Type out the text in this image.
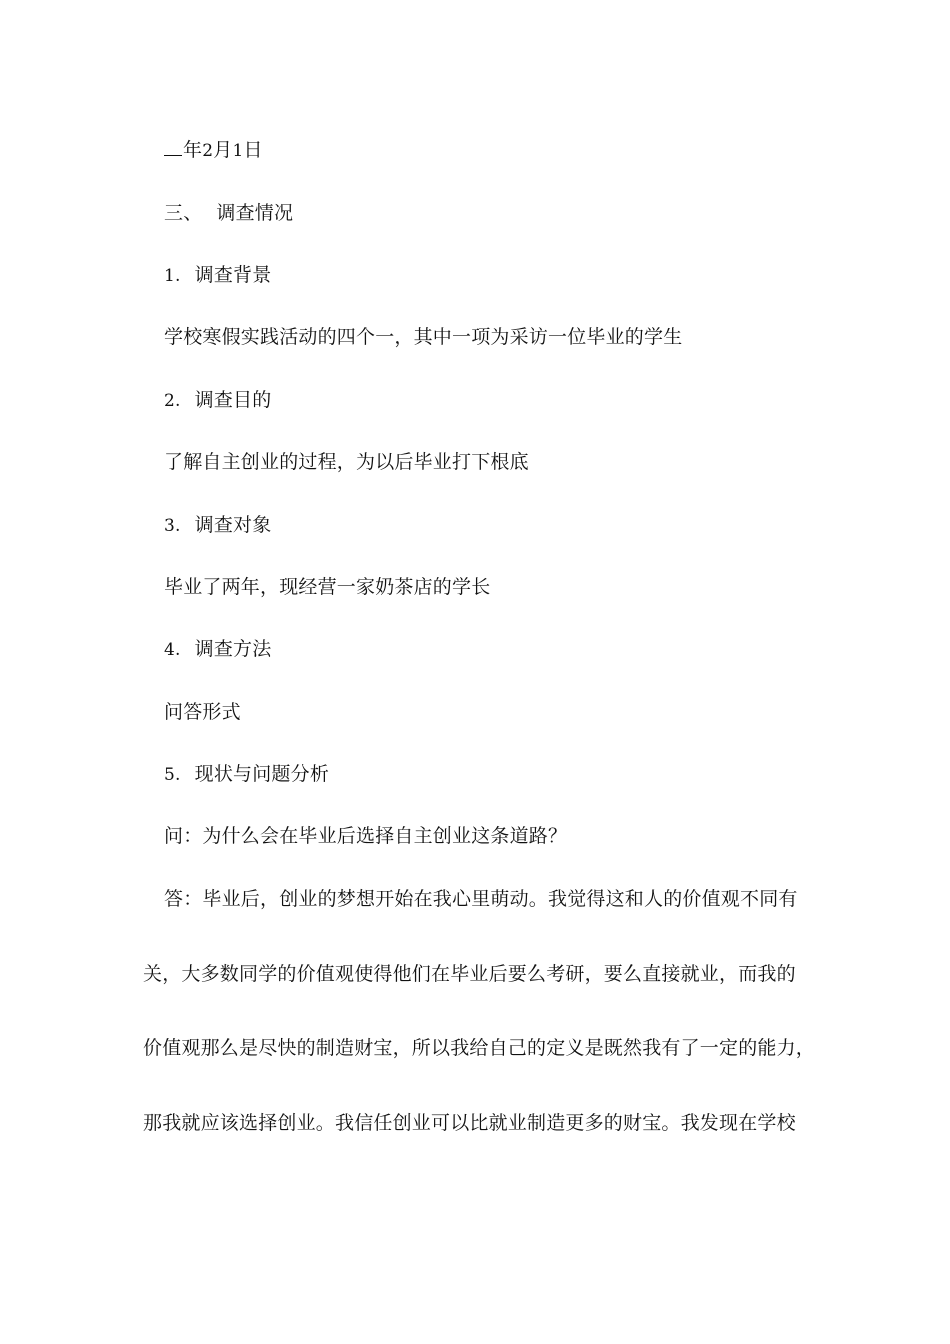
年2月1日
三、 调查情况
1. 调查背景
学校寒假实践活动的四个一，其中一项为采访一位毕业的学生
2. 调查目的
了解自主创业的过程，为以后毕业打下根底
3. 调查对象
毕业了两年，现经营一家奶茶店的学长
4. 调查方法
问答形式
5. 现状与问题分析
问：为什么会在毕业后选择自主创业这条道路？
答：毕业后，创业的梦想开始在我心里萌动。我觉得这和人的价值观不同有
关，大多数同学的价值观使得他们在毕业后要么考研，要么直接就业，而我的
价值观那么是尽快的制造财宝，所以我给自己的定义是既然我有了一定的能力，
那我就应该选择创业。我信任创业可以比就业制造更多的财宝。我发现在学校
